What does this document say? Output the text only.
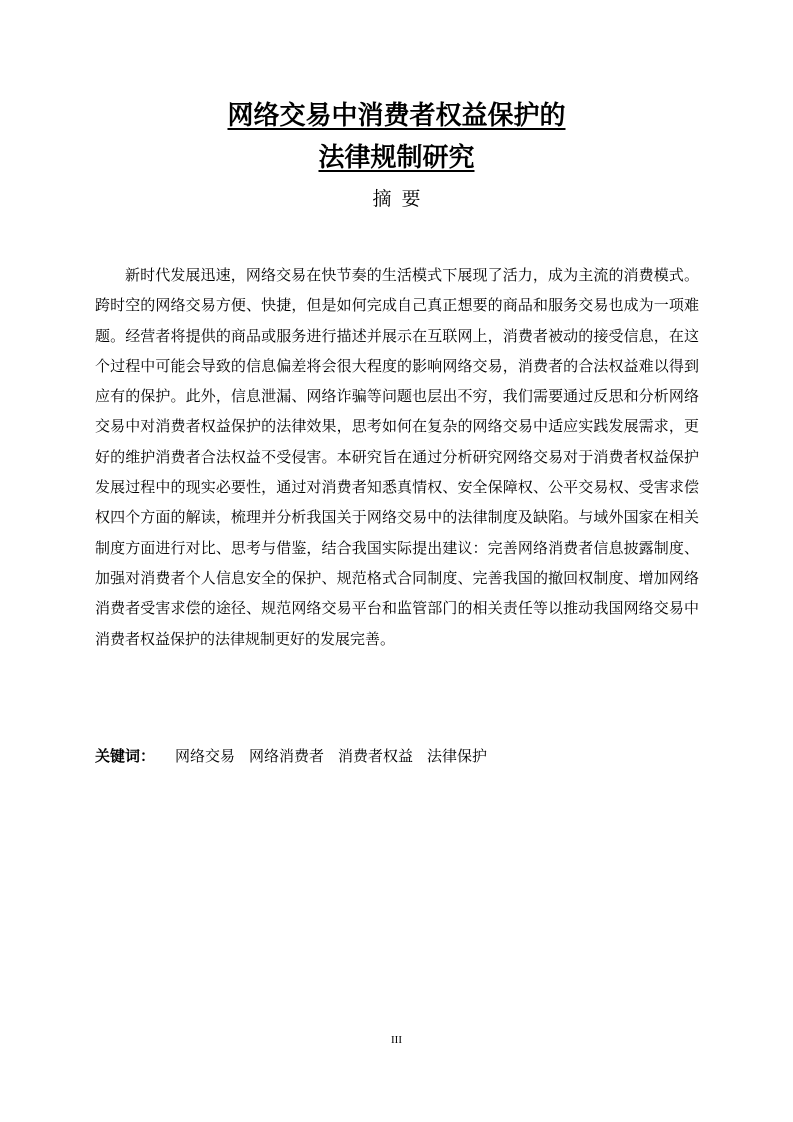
网络交易中消费者权益保护的
法律规制研究
摘要

新时代发展迅速，网络交易在快节奏的生活模式下展现了活力，成为主流的消费模式。跨时空的网络交易方便、快捷，但是如何完成自己真正想要的商品和服务交易也成为一项难题。经营者将提供的商品或服务进行描述并展示在互联网上，消费者被动的接受信息，在这个过程中可能会导致的信息偏差将会很大程度的影响网络交易，消费者的合法权益难以得到应有的保护。此外，信息泄漏、网络诈骗等问题也层出不穷，我们需要通过反思和分析网络交易中对消费者权益保护的法律效果，思考如何在复杂的网络交易中适应实践发展需求，更好的维护消费者合法权益不受侵害。本研究旨在通过分析研究网络交易对于消费者权益保护发展过程中的现实必要性，通过对消费者知悉真情权、安全保障权、公平交易权、受害求偿权四个方面的解读，梳理并分析我国关于网络交易中的法律制度及缺陷。与域外国家在相关制度方面进行对比、思考与借鉴，结合我国实际提出建议：完善网络消费者信息披露制度、加强对消费者个人信息安全的保护、规范格式合同制度、完善我国的撤回权制度、增加网络消费者受害求偿的途径、规范网络交易平台和监管部门的相关责任等以推动我国网络交易中消费者权益保护的法律规制更好的发展完善。

关键词： 网络交易 网络消费者 消费者权益 法律保护
III
